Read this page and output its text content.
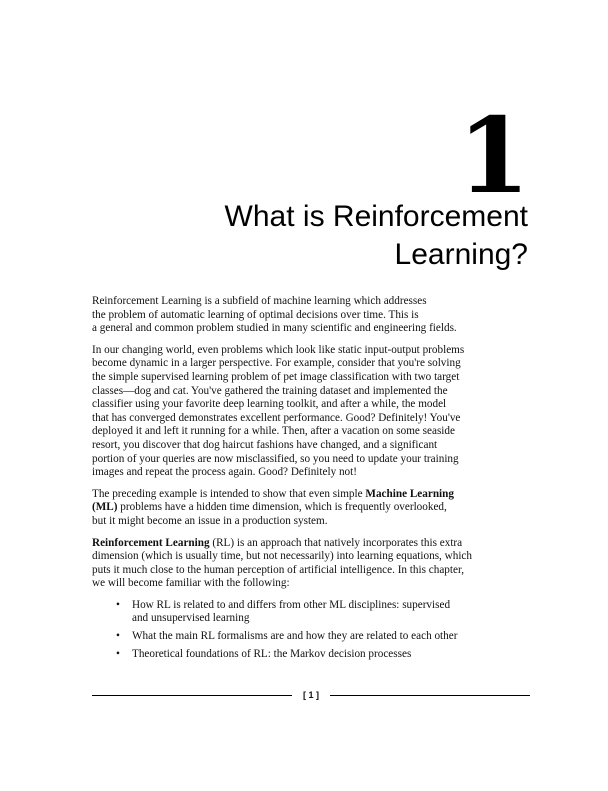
1
What is Reinforcement
Learning?

Reinforcement Learning is a subfield of machine learning which addresses
the problem of automatic learning of optimal decisions over time. This is
a general and common problem studied in many scientific and engineering fields.

In our changing world, even problems which look like static input-output problems
become dynamic in a larger perspective. For example, consider that you're solving
the simple supervised learning problem of pet image classification with two target
classes—dog and cat. You've gathered the training dataset and implemented the
classifier using your favorite deep learning toolkit, and after a while, the model
that has converged demonstrates excellent performance. Good? Definitely! You've
deployed it and left it running for a while. Then, after a vacation on some seaside
resort, you discover that dog haircut fashions have changed, and a significant
portion of your queries are now misclassified, so you need to update your training
images and repeat the process again. Good? Definitely not!

The preceding example is intended to show that even simple Machine Learning
(ML) problems have a hidden time dimension, which is frequently overlooked,
but it might become an issue in a production system.

Reinforcement Learning (RL) is an approach that natively incorporates this extra
dimension (which is usually time, but not necessarily) into learning equations, which
puts it much close to the human perception of artificial intelligence. In this chapter,
we will become familiar with the following:

• How RL is related to and differs from other ML disciplines: supervised
and unsupervised learning
• What the main RL formalisms are and how they are related to each other
• Theoretical foundations of RL: the Markov decision processes
[ 1 ]
